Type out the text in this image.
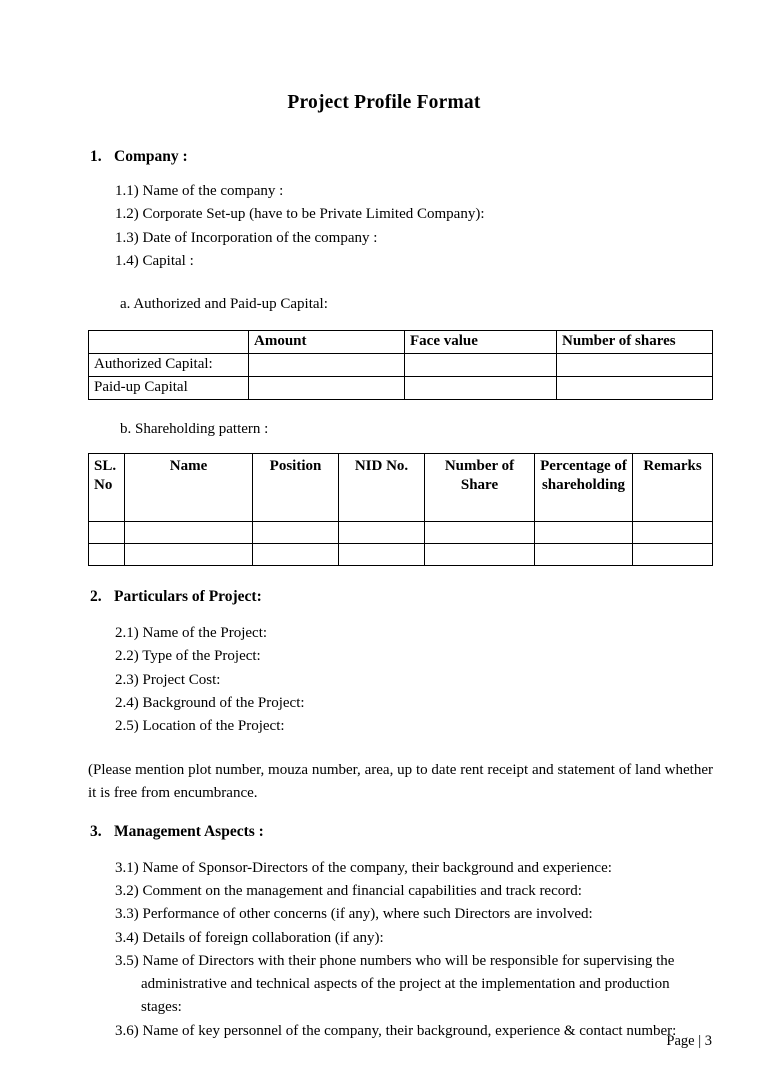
Project Profile Format
1. Company :
1.1) Name of the company :
1.2) Corporate Set-up (have to be Private Limited Company):
1.3) Date of Incorporation of the company :
1.4) Capital :
a. Authorized and Paid-up Capital:
	Amount	Face value	Number of shares
Authorized Capital:			
Paid-up Capital			
b. Shareholding pattern :
SL. No	Name	Position	NID No.	Number of Share	Percentage of shareholding	Remarks

2. Particulars of Project:
2.1) Name of the Project:
2.2) Type of the Project:
2.3) Project Cost:
2.4) Background of the Project:
2.5) Location of the Project:
(Please mention plot number, mouza number, area, up to date rent receipt and statement of land whether it is free from encumbrance.
3. Management Aspects :
3.1) Name of Sponsor-Directors of the company, their background and experience:
3.2) Comment on the management and financial capabilities and track record:
3.3) Performance of other concerns (if any), where such Directors are involved:
3.4) Details of foreign collaboration (if any):
3.5) Name of Directors with their phone numbers who will be responsible for supervising the administrative and technical aspects of the project at the implementation and production stages:
3.6) Name of key personnel of the company, their background, experience & contact number:
Page | 3
